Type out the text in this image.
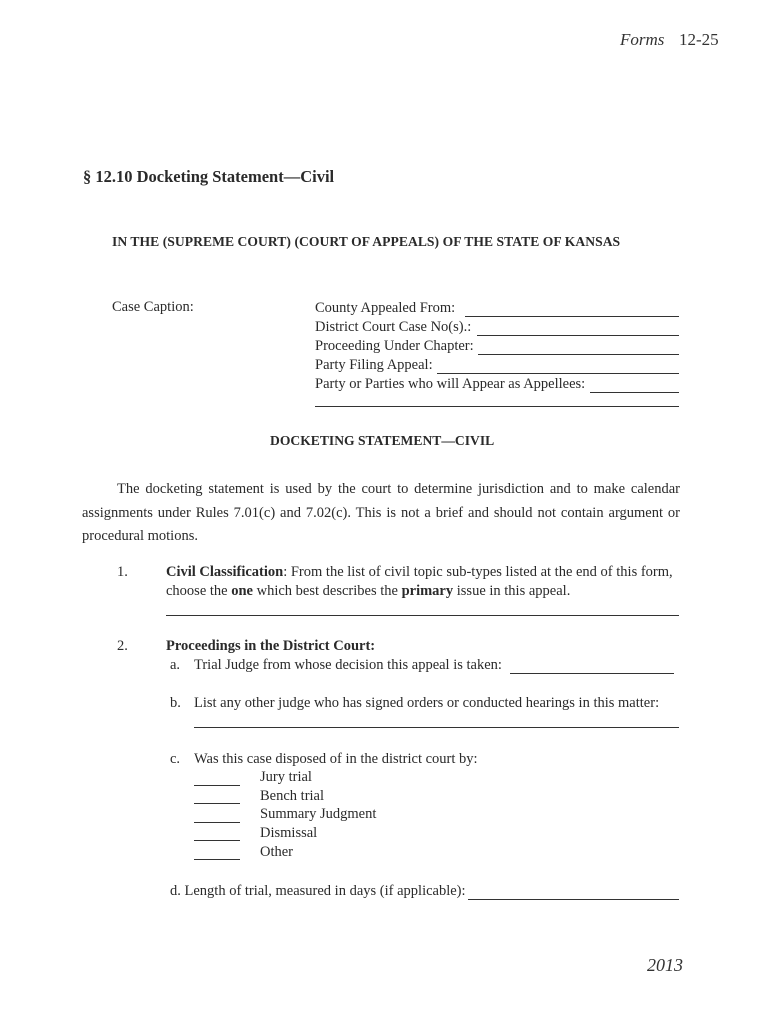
Forms 12-25
§ 12.10 Docketing Statement—Civil
IN THE (SUPREME COURT) (COURT OF APPEALS) OF THE STATE OF KANSAS
Case Caption:	County Appealed From:
District Court Case No(s).:
Proceeding Under Chapter:
Party Filing Appeal:
Party or Parties who will Appear as Appellees:
DOCKETING STATEMENT—CIVIL
The docketing statement is used by the court to determine jurisdiction and to make calendar assignments under Rules 7.01(c) and 7.02(c). This is not a brief and should not contain argument or procedural motions.
1.	Civil Classification: From the list of civil topic sub-types listed at the end of this form,
choose the one which best describes the primary issue in this appeal.
2.	Proceedings in the District Court:
a. Trial Judge from whose decision this appeal is taken:
b. List any other judge who has signed orders or conducted hearings in this matter:
c. Was this case disposed of in the district court by:
Jury trial
Bench trial
Summary Judgment
Dismissal
Other
d. Length of trial, measured in days (if applicable):
2013
